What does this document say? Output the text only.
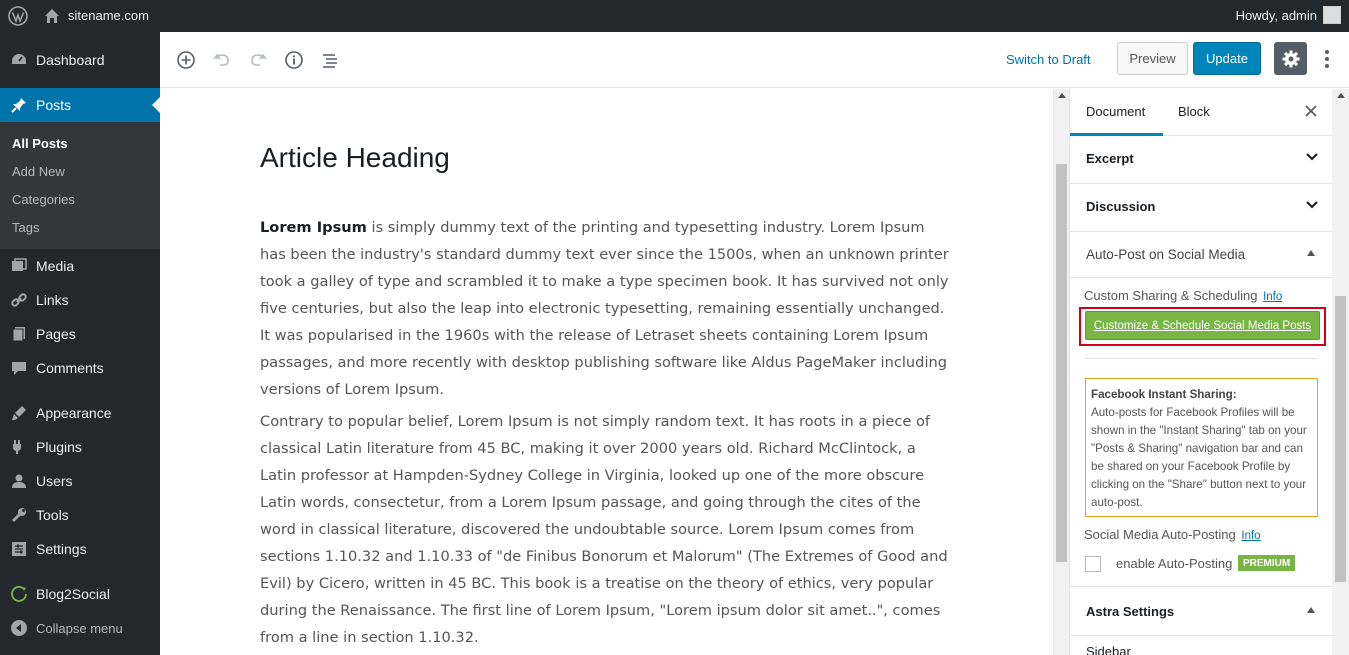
sitename.com	Howdy, admin
Dashboard
Posts
All Posts
Add New
Categories
Tags
Media
Links
Pages
Comments
Appearance
Plugins
Users
Tools
Settings
Blog2Social
Collapse menu
Switch to Draft	Preview	Update
Article Heading

Lorem Ipsum is simply dummy text of the printing and typesetting industry. Lorem Ipsum has been the industry's standard dummy text ever since the 1500s, when an unknown printer took a galley of type and scrambled it to make a type specimen book. It has survived not only five centuries, but also the leap into electronic typesetting, remaining essentially unchanged. It was popularised in the 1960s with the release of Letraset sheets containing Lorem Ipsum passages, and more recently with desktop publishing software like Aldus PageMaker including versions of Lorem Ipsum.

Contrary to popular belief, Lorem Ipsum is not simply random text. It has roots in a piece of classical Latin literature from 45 BC, making it over 2000 years old. Richard McClintock, a Latin professor at Hampden-Sydney College in Virginia, looked up one of the more obscure Latin words, consectetur, from a Lorem Ipsum passage, and going through the cites of the word in classical literature, discovered the undoubtable source. Lorem Ipsum comes from sections 1.10.32 and 1.10.33 of "de Finibus Bonorum et Malorum" (The Extremes of Good and Evil) by Cicero, written in 45 BC. This book is a treatise on the theory of ethics, very popular during the Renaissance. The first line of Lorem Ipsum, "Lorem ipsum dolor sit amet..", comes from a line in section 1.10.32.

Document	Block
Excerpt
Discussion
Auto-Post on Social Media
Custom Sharing & Scheduling Info
Customize & Schedule Social Media Posts
Facebook Instant Sharing:
Auto-posts for Facebook Profiles will be shown in the "Instant Sharing" tab on your "Posts & Sharing" navigation bar and can be shared on your Facebook Profile by clicking on the "Share" button next to your auto-post.
Social Media Auto-Posting Info
enable Auto-Posting	PREMIUM
Astra Settings
Sidebar
